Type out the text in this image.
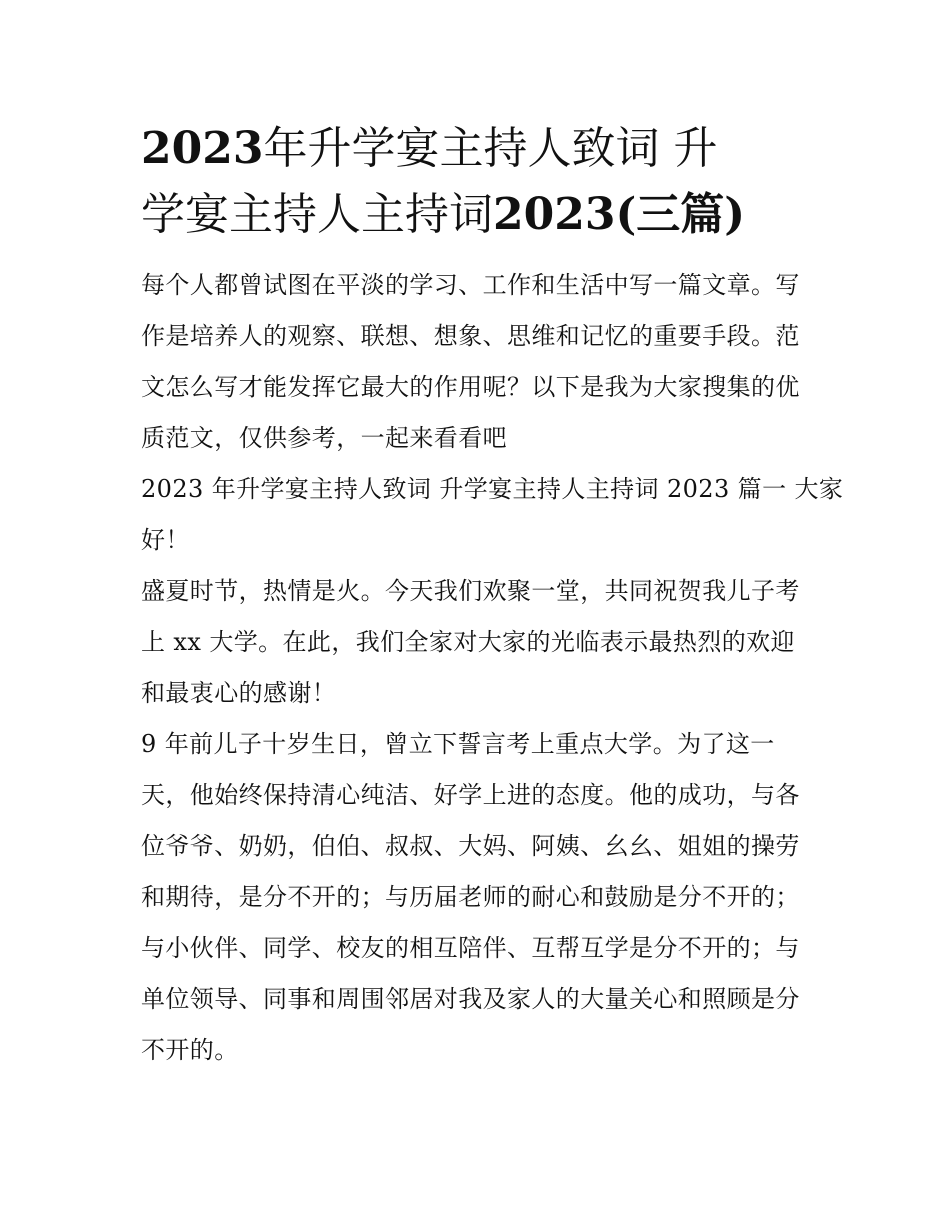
2023年升学宴主持人致词 升
学宴主持人主持词2023(三篇)

每个人都曾试图在平淡的学习、工作和生活中写一篇文章。写
作是培养人的观察、联想、想象、思维和记忆的重要手段。范
文怎么写才能发挥它最大的作用呢？以下是我为大家搜集的优
质范文，仅供参考，一起来看看吧

2023 年升学宴主持人致词 升学宴主持人主持词 2023 篇一 大家
好！

盛夏时节，热情是火。今天我们欢聚一堂，共同祝贺我儿子考
上 xx 大学。在此，我们全家对大家的光临表示最热烈的欢迎
和最衷心的感谢！

9 年前儿子十岁生日，曾立下誓言考上重点大学。为了这一
天，他始终保持清心纯洁、好学上进的态度。他的成功，与各
位爷爷、奶奶，伯伯、叔叔、大妈、阿姨、幺幺、姐姐的操劳
和期待，是分不开的；与历届老师的耐心和鼓励是分不开的；
与小伙伴、同学、校友的相互陪伴、互帮互学是分不开的；与
单位领导、同事和周围邻居对我及家人的大量关心和照顾是分
不开的。
